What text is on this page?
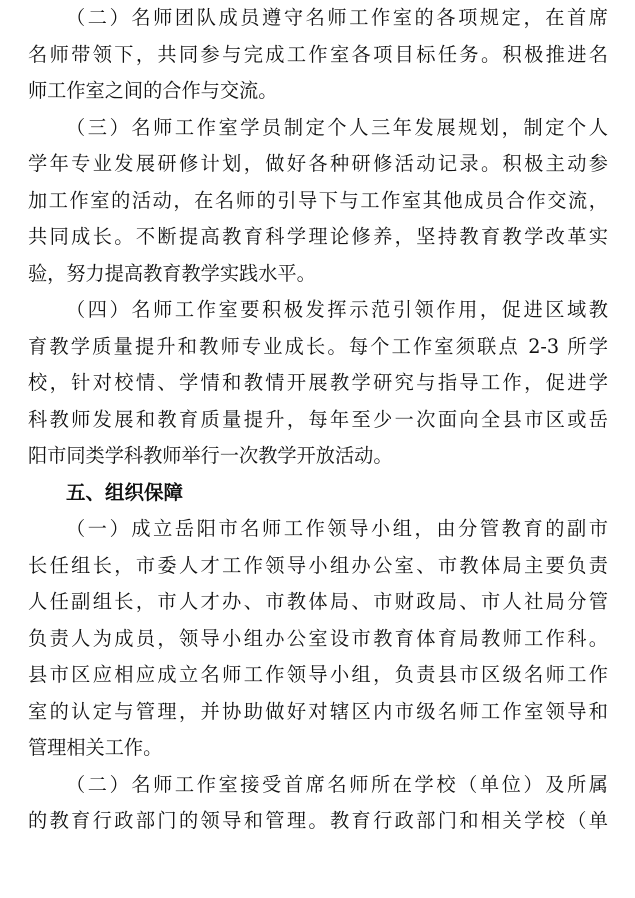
（二）名师团队成员遵守名师工作室的各项规定，在首席
名师带领下，共同参与完成工作室各项目标任务。积极推进名
师工作室之间的合作与交流。
（三）名师工作室学员制定个人三年发展规划，制定个人
学年专业发展研修计划，做好各种研修活动记录。积极主动参
加工作室的活动，在名师的引导下与工作室其他成员合作交流，
共同成长。不断提高教育科学理论修养，坚持教育教学改革实
验，努力提高教育教学实践水平。
（四）名师工作室要积极发挥示范引领作用，促进区域教
育教学质量提升和教师专业成长。每个工作室须联点 2-3 所学
校，针对校情、学情和教情开展教学研究与指导工作，促进学
科教师发展和教育质量提升，每年至少一次面向全县市区或岳
阳市同类学科教师举行一次教学开放活动。
五、组织保障
（一）成立岳阳市名师工作领导小组，由分管教育的副市
长任组长，市委人才工作领导小组办公室、市教体局主要负责
人任副组长，市人才办、市教体局、市财政局、市人社局分管
负责人为成员，领导小组办公室设市教育体育局教师工作科。
县市区应相应成立名师工作领导小组，负责县市区级名师工作
室的认定与管理，并协助做好对辖区内市级名师工作室领导和
管理相关工作。
（二）名师工作室接受首席名师所在学校（单位）及所属
的教育行政部门的领导和管理。教育行政部门和相关学校（单
